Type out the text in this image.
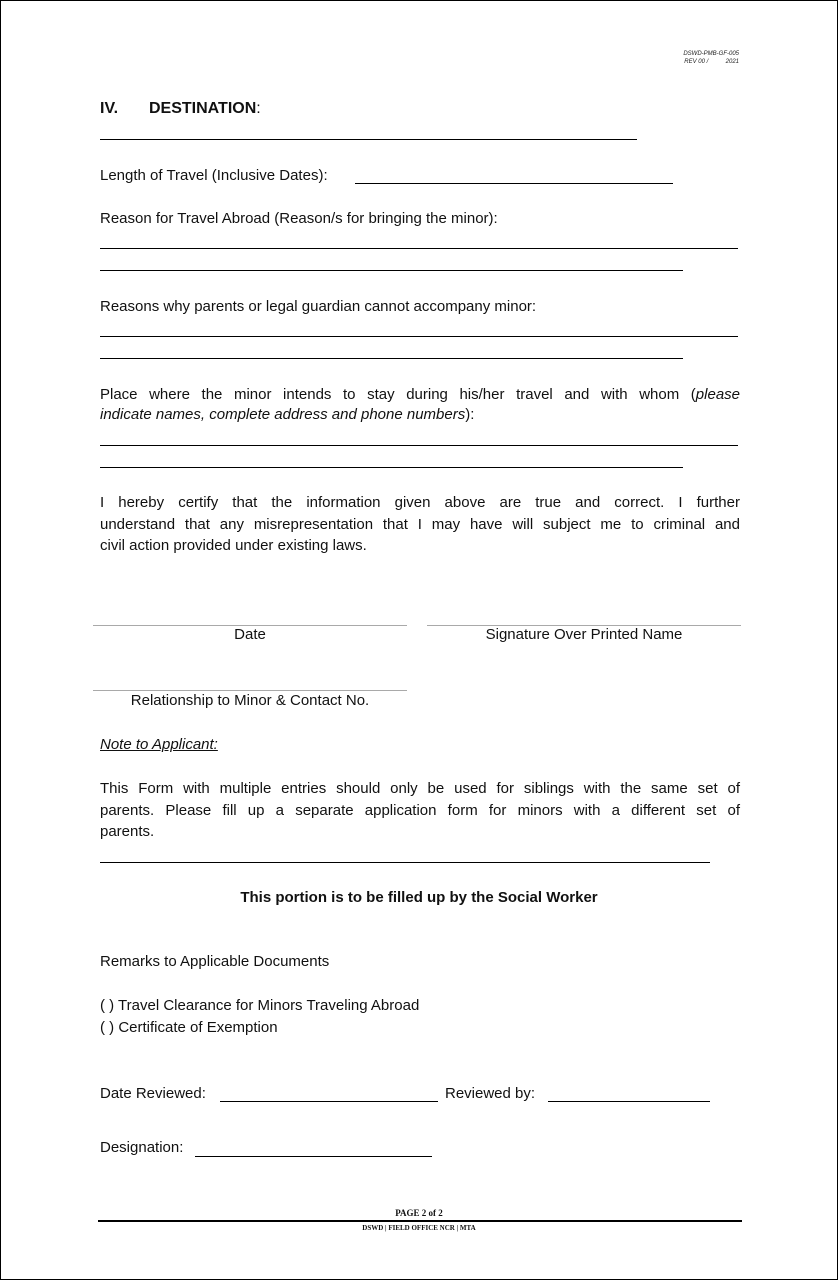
DSWD-PMB-GF-005
REV 00 /	2021
IV. DESTINATION:
Length of Travel (Inclusive Dates):
Reason for Travel Abroad (Reason/s for bringing the minor):
Reasons why parents or legal guardian cannot accompany minor:
Place where the minor intends to stay during his/her travel and with whom (please
indicate names, complete address and phone numbers):
I hereby certify that the information given above are true and correct. I further
understand that any misrepresentation that I may have will subject me to criminal and
civil action provided under existing laws.
Date	Signature Over Printed Name
Relationship to Minor & Contact No.
Note to Applicant:
This Form with multiple entries should only be used for siblings with the same set of
parents. Please fill up a separate application form for minors with a different set of
parents.
This portion is to be filled up by the Social Worker
Remarks to Applicable Documents
( ) Travel Clearance for Minors Traveling Abroad
( ) Certificate of Exemption
Date Reviewed:	Reviewed by:
Designation:
PAGE 2 of 2
DSWD | FIELD OFFICE NCR | MTA
